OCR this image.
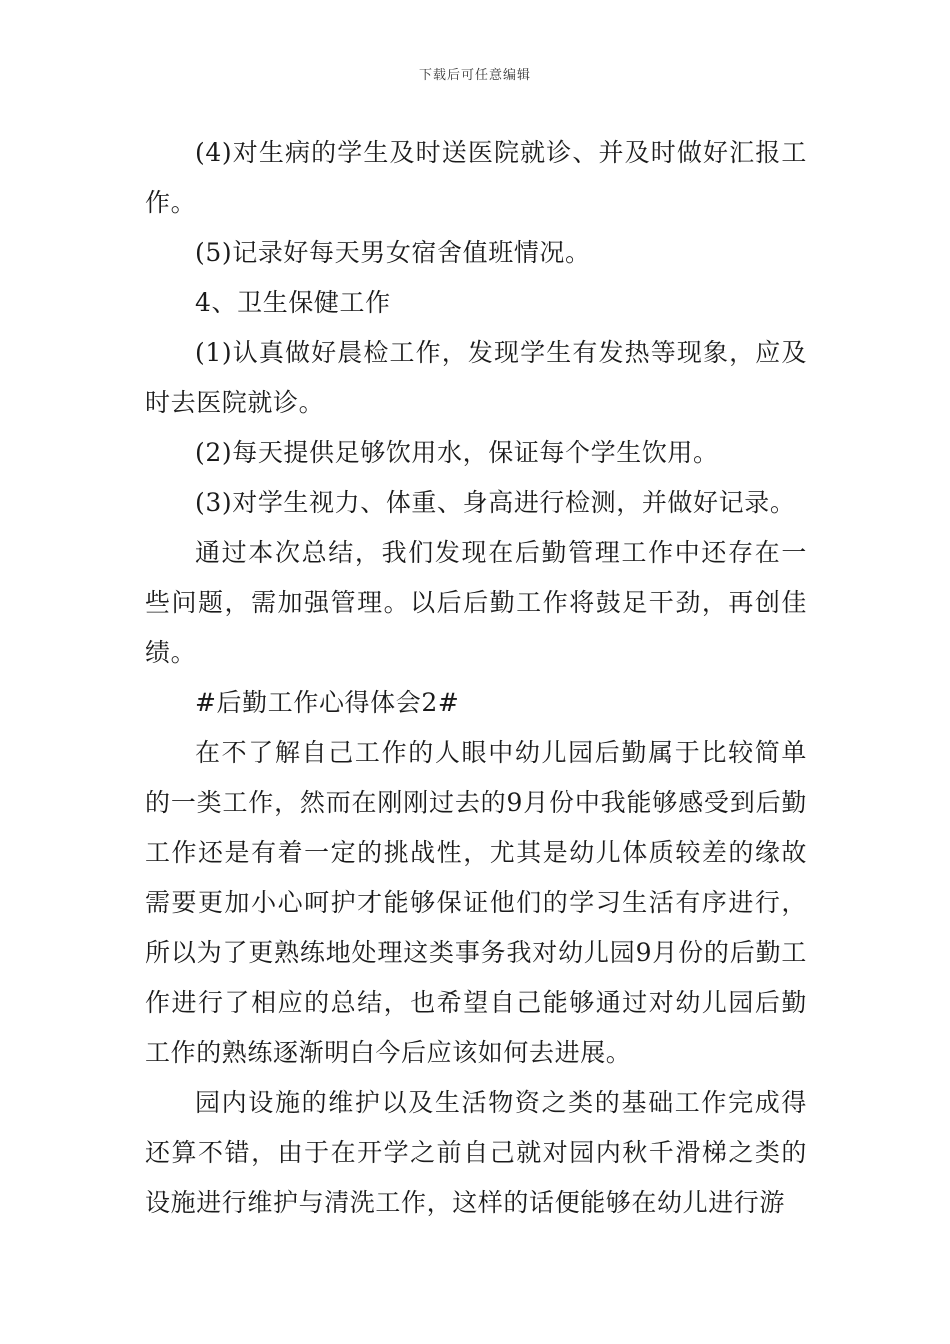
下载后可任意编辑

(4)对生病的学生及时送医院就诊、并及时做好汇报工作。

(5)记录好每天男女宿舍值班情况。

4、卫生保健工作

(1)认真做好晨检工作，发现学生有发热等现象，应及时去医院就诊。

(2)每天提供足够饮用水，保证每个学生饮用。

(3)对学生视力、体重、身高进行检测，并做好记录。

通过本次总结，我们发现在后勤管理工作中还存在一些问题，需加强管理。以后后勤工作将鼓足干劲，再创佳绩。

#后勤工作心得体会2#

在不了解自己工作的人眼中幼儿园后勤属于比较简单的一类工作，然而在刚刚过去的9月份中我能够感受到后勤工作还是有着一定的挑战性，尤其是幼儿体质较差的缘故需要更加小心呵护才能够保证他们的学习生活有序进行，所以为了更熟练地处理这类事务我对幼儿园9月份的后勤工作进行了相应的总结，也希望自己能够通过对幼儿园后勤工作的熟练逐渐明白今后应该如何去进展。

园内设施的维护以及生活物资之类的基础工作完成得还算不错，由于在开学之前自己就对园内秋千滑梯之类的设施进行维护与清洗工作，这样的话便能够在幼儿进行游
